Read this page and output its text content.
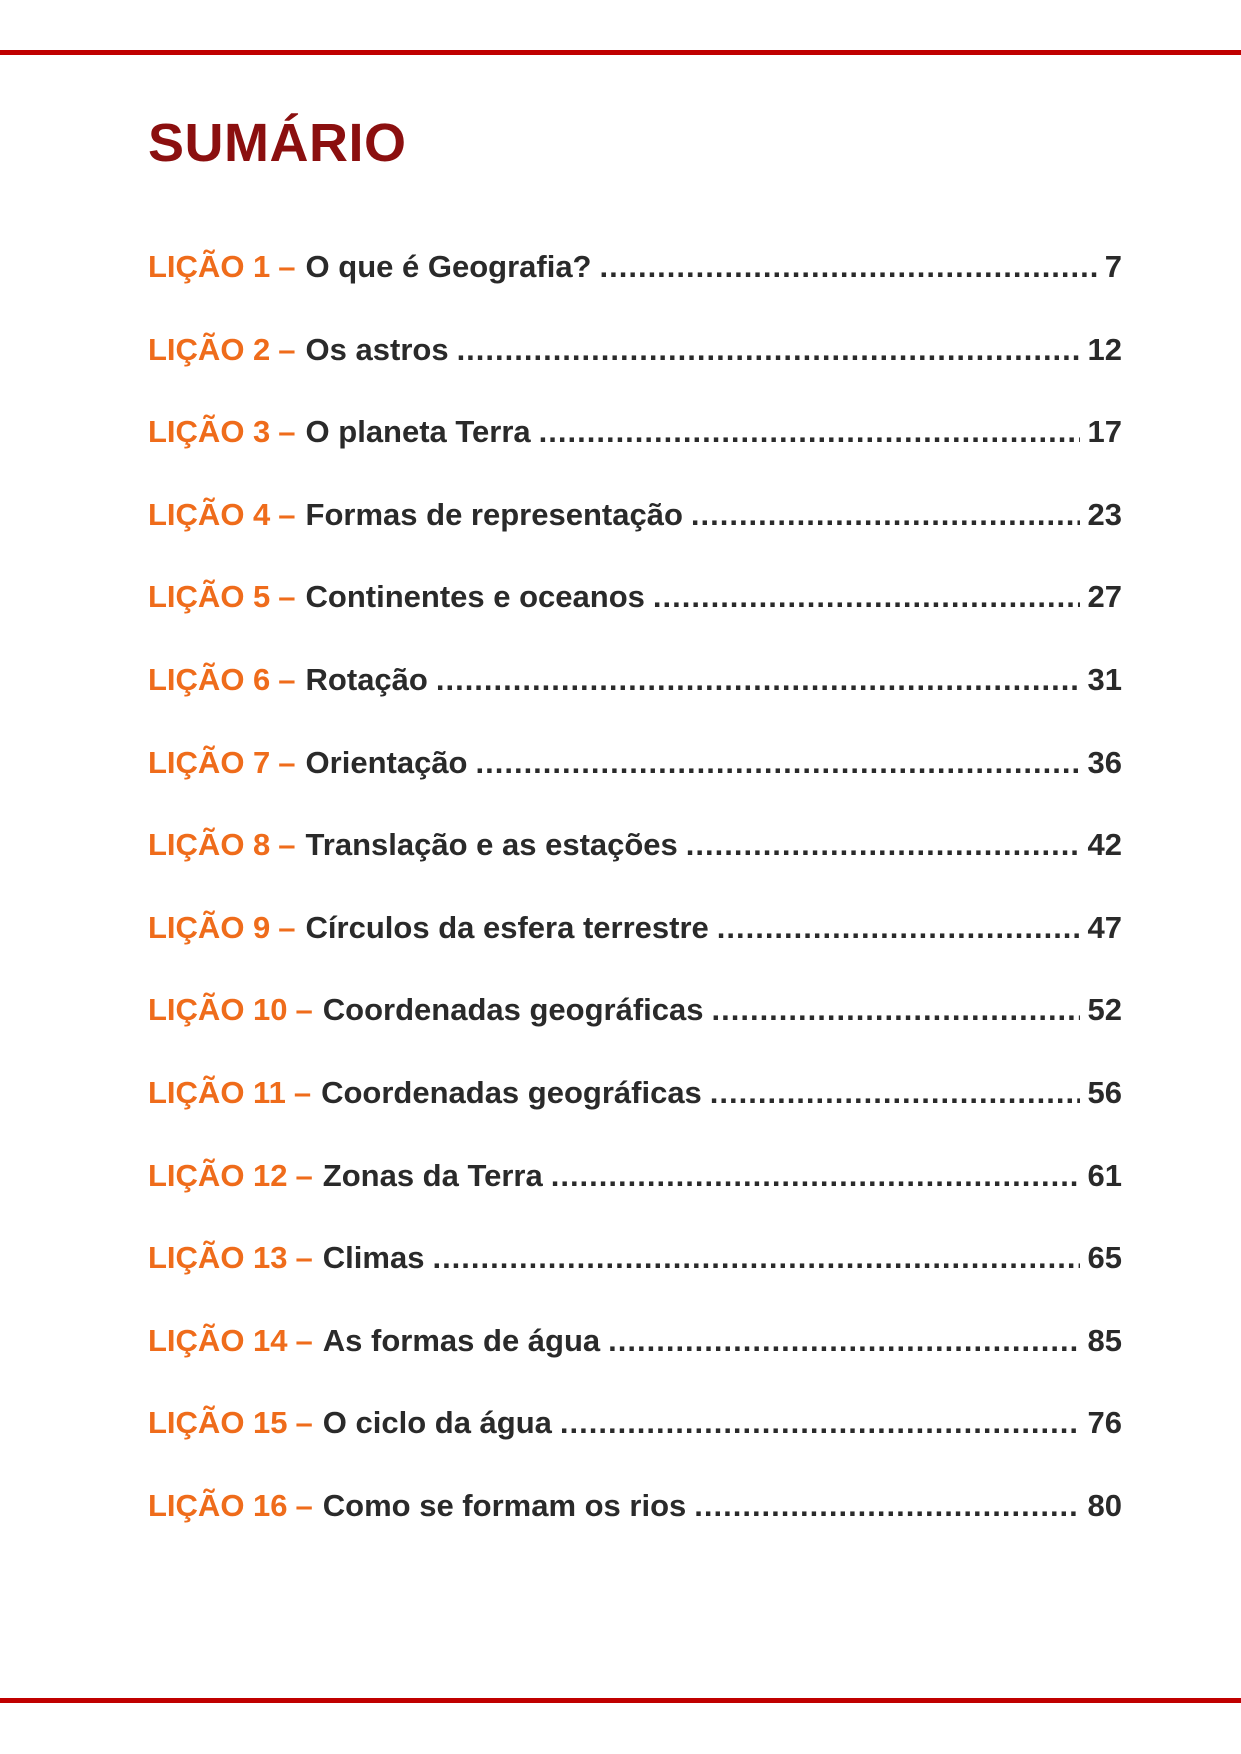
SUMÁRIO
LIÇÃO 1 – O que é Geografia? .....	7
LIÇÃO 2 – Os astros .....	12
LIÇÃO 3 – O planeta Terra .....	17
LIÇÃO 4 – Formas de representação .....	23
LIÇÃO 5 – Continentes e oceanos .....	27
LIÇÃO 6 – Rotação .....	31
LIÇÃO 7 – Orientação .....	36
LIÇÃO 8 – Translação e as estações .....	42
LIÇÃO 9 – Círculos da esfera terrestre .....	47
LIÇÃO 10 – Coordenadas geográficas .....	52
LIÇÃO 11 – Coordenadas geográficas .....	56
LIÇÃO 12 – Zonas da Terra .....	61
LIÇÃO 13 – Climas .....	65
LIÇÃO 14 – As formas de água .....	85
LIÇÃO 15 – O ciclo da água .....	76
LIÇÃO 16 – Como se formam os rios .....	80
